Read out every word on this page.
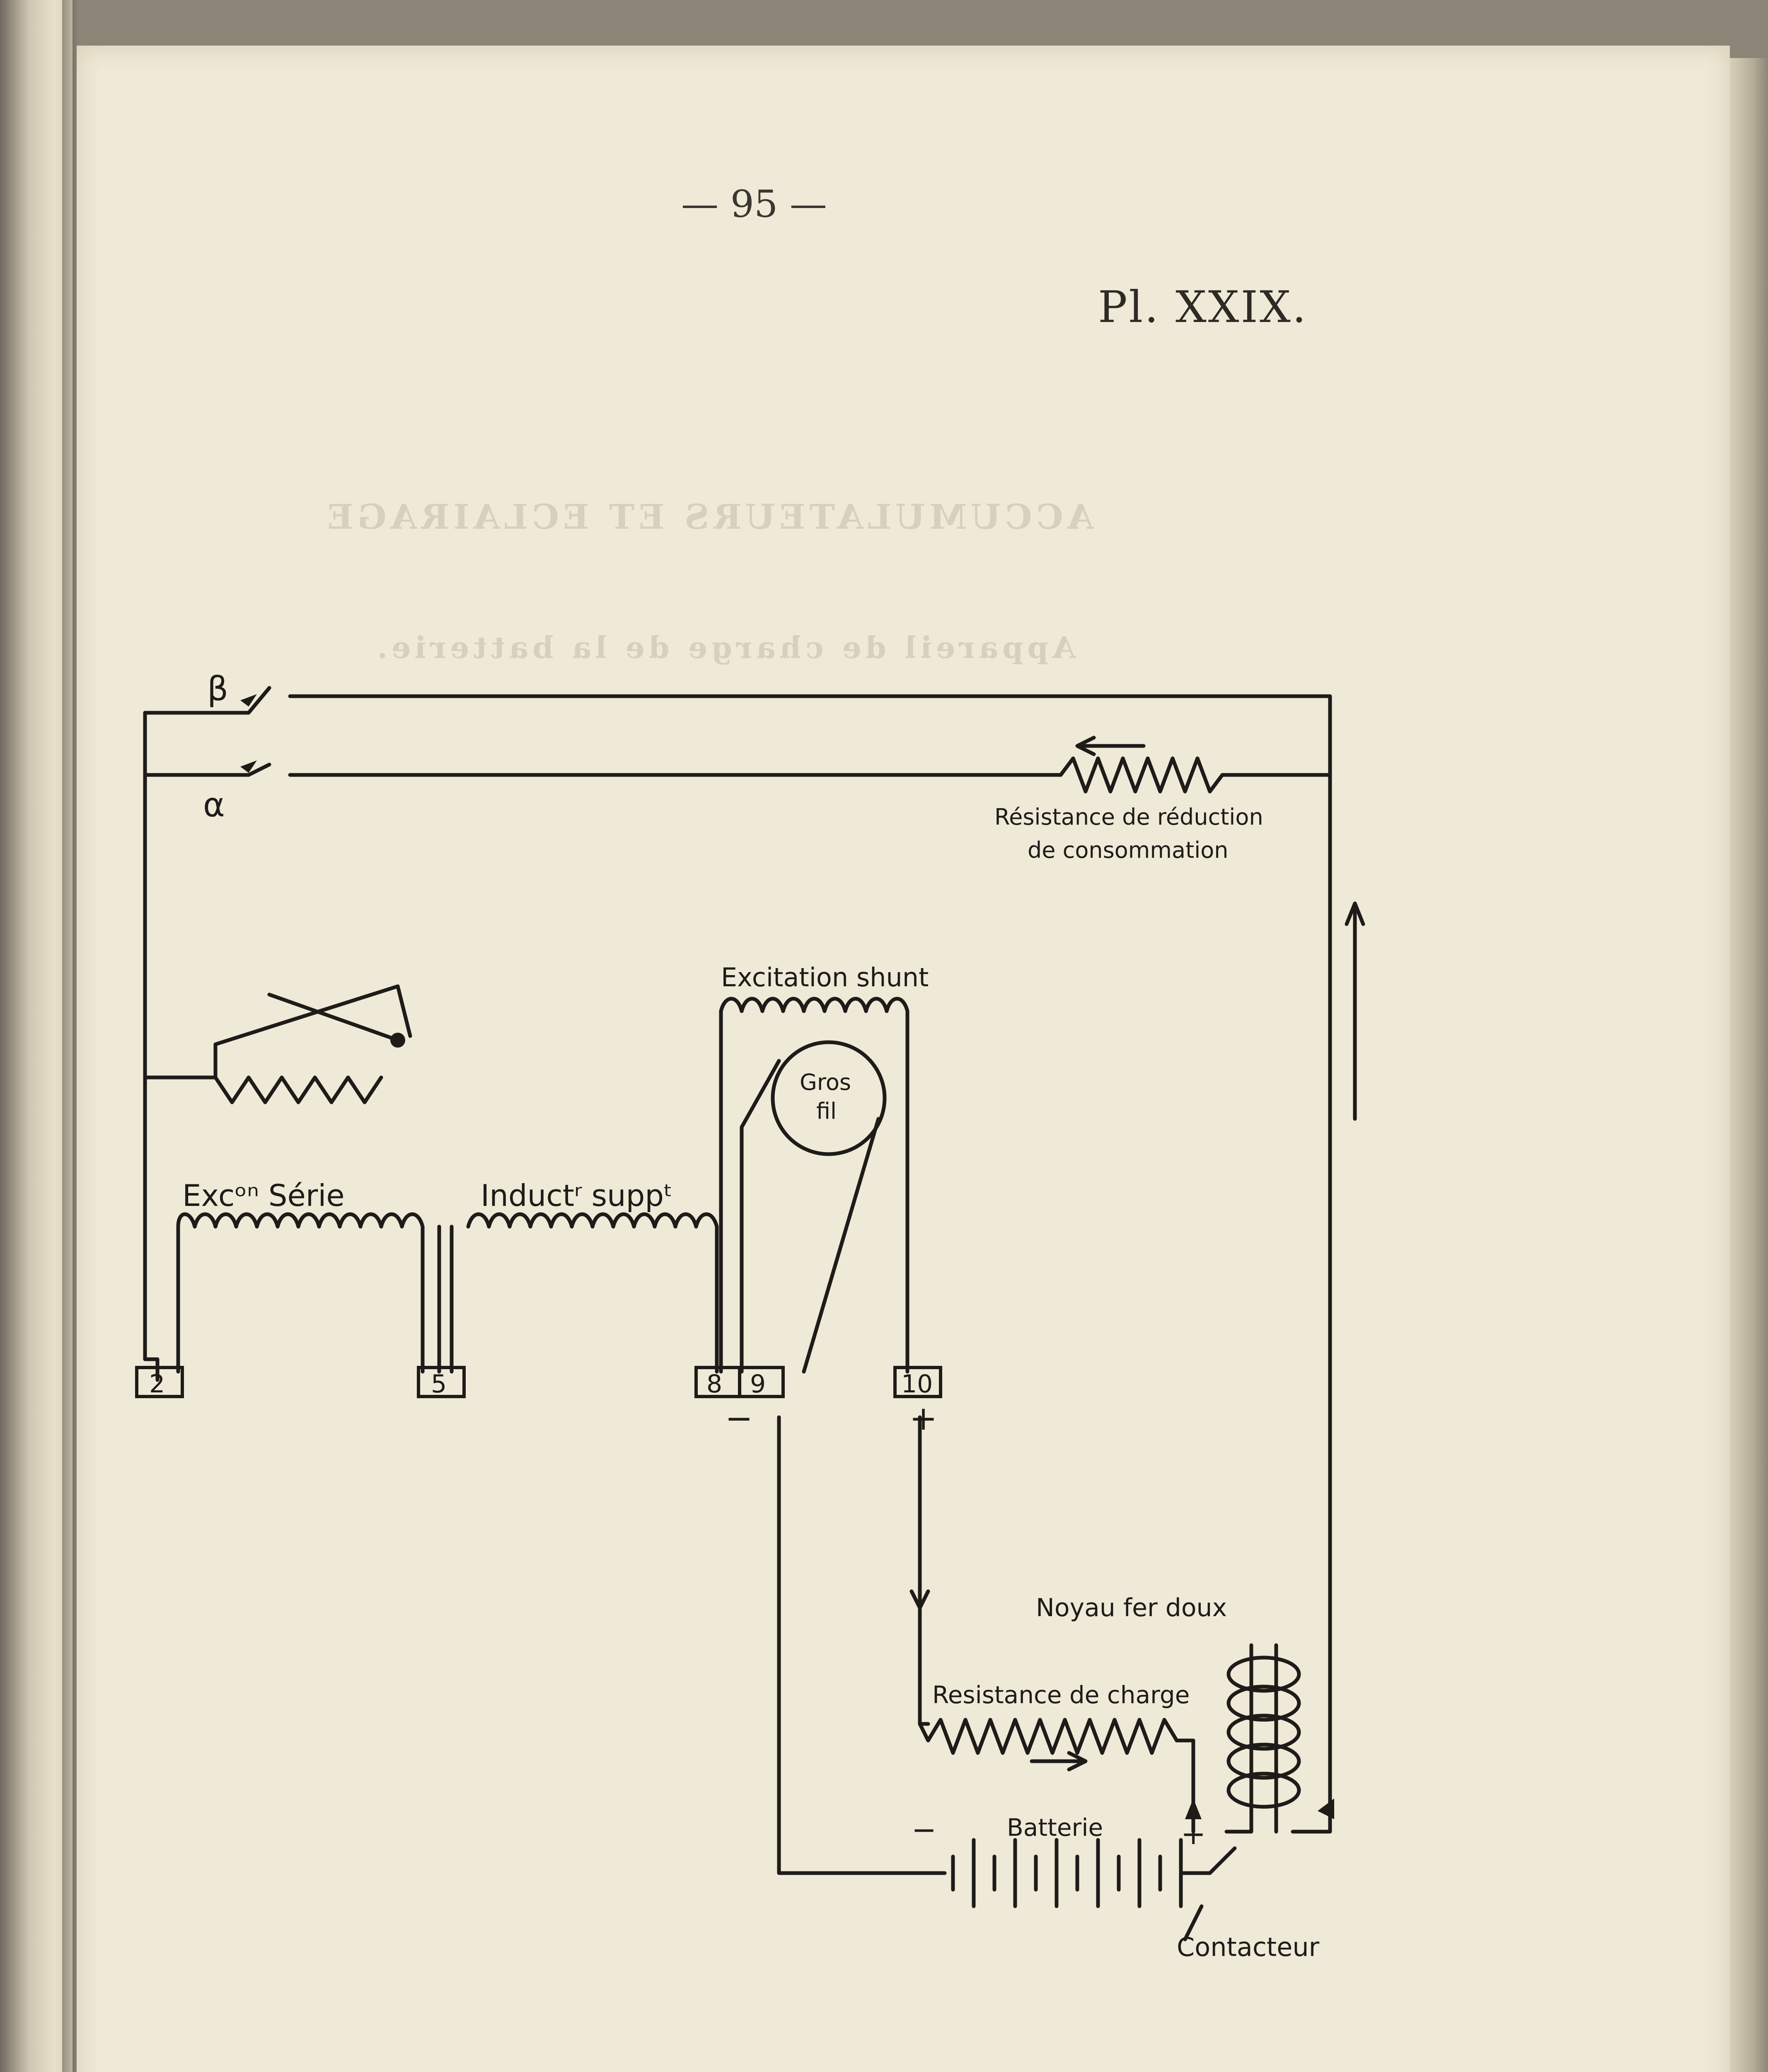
ACCUMULATEURS ET ECLAIRAGE
Appareil de charge de la batterie.
— 95 —
Pl. XXIX.
β
α	Résistance de réduction
de consommation
Excitation shunt
Gros
fil
Excᵒⁿ Série	Inductʳ suppᵗ
2	5	8 9	10
−	+
Noyau fer doux
Resistance de charge
Batterie
−	+
Contacteur
